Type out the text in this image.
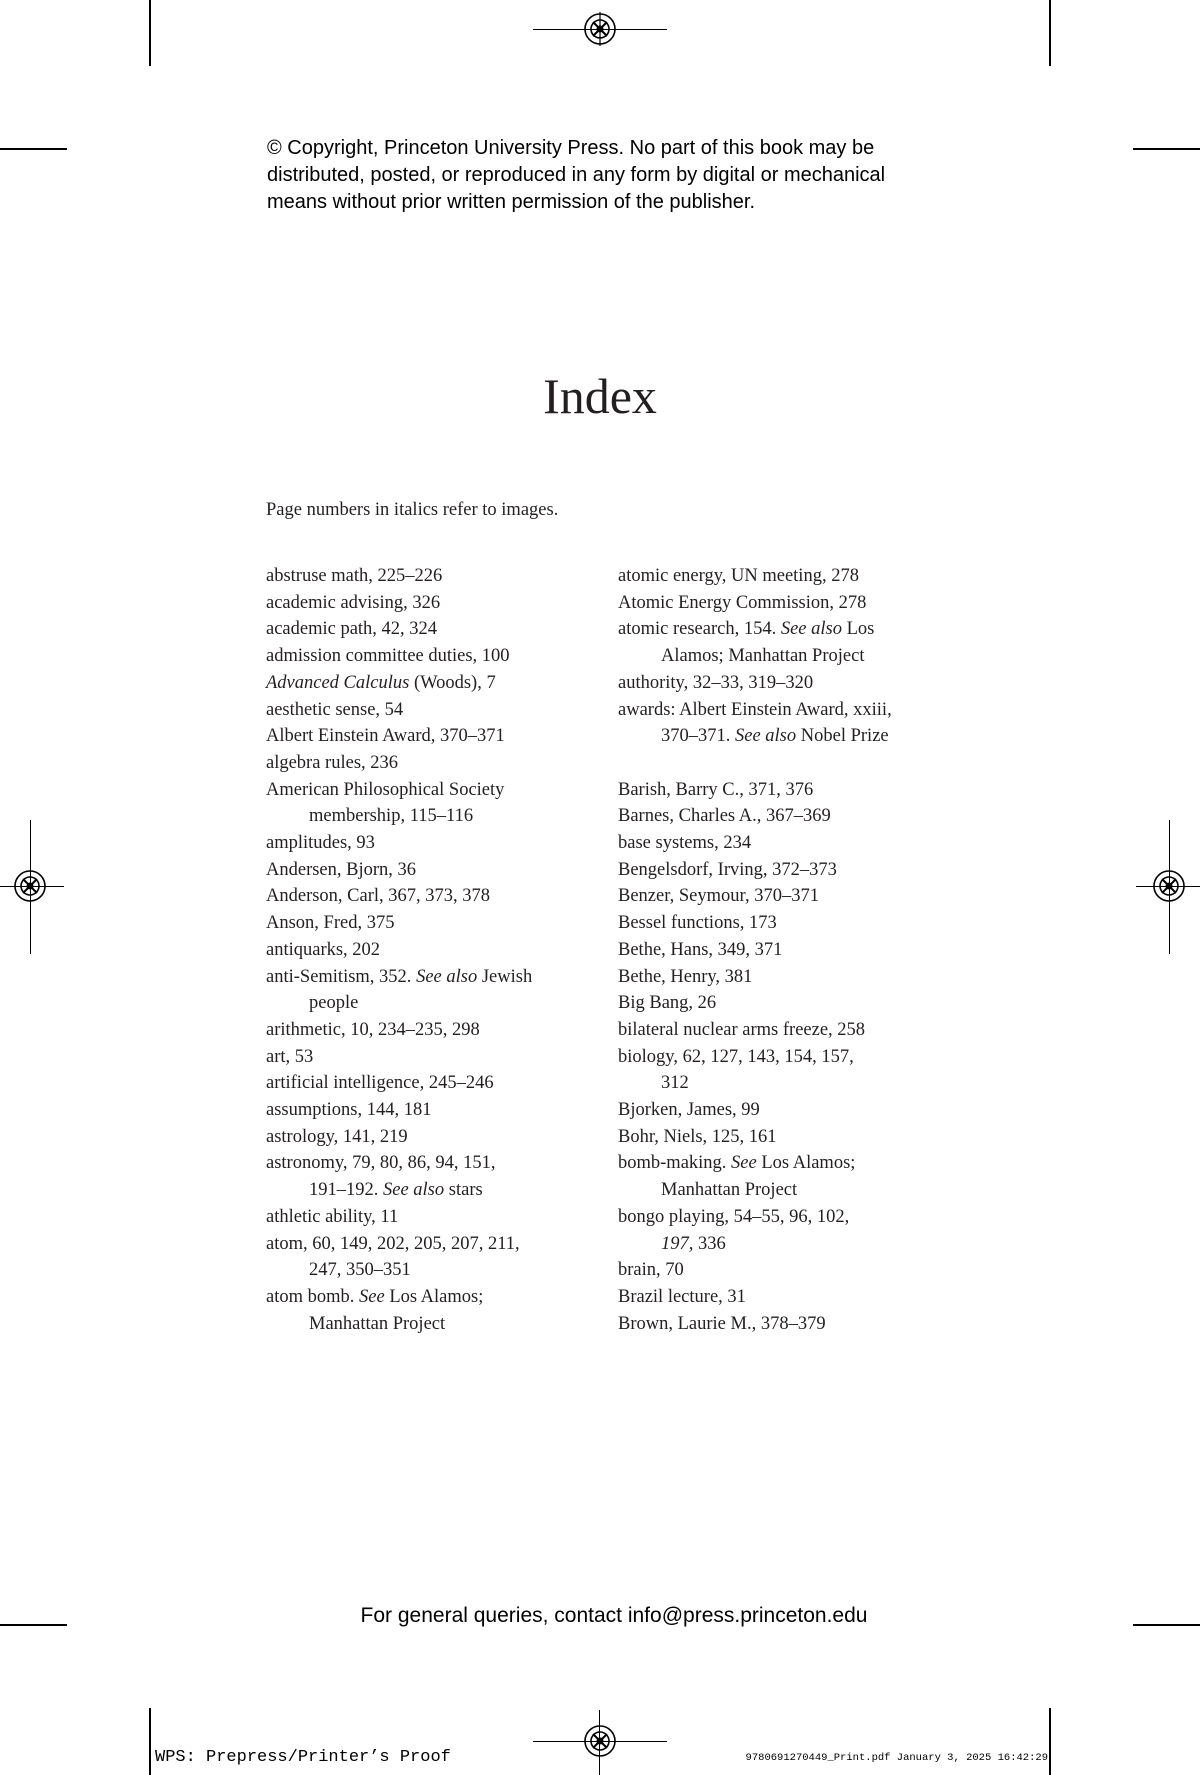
© Copyright, Princeton University Press. No part of this book may be
distributed, posted, or reproduced in any form by digital or mechanical
means without prior written permission of the publisher.
Index
Page numbers in italics refer to images.
abstruse math, 225–226
academic advising, 326
academic path, 42, 324
admission committee duties, 100
Advanced Calculus (Woods), 7
aesthetic sense, 54
Albert Einstein Award, 370–371
algebra rules, 236
American Philosophical Society
membership, 115–116
amplitudes, 93
Andersen, Bjorn, 36
Anderson, Carl, 367, 373, 378
Anson, Fred, 375
antiquarks, 202
anti-Semitism, 352. See also Jewish
people
arithmetic, 10, 234–235, 298
art, 53
artificial intelligence, 245–246
assumptions, 144, 181
astrology, 141, 219
astronomy, 79, 80, 86, 94, 151,
191–192. See also stars
athletic ability, 11
atom, 60, 149, 202, 205, 207, 211,
247, 350–351
atom bomb. See Los Alamos;
Manhattan Project
atomic energy, UN meeting, 278
Atomic Energy Commission, 278
atomic research, 154. See also Los
Alamos; Manhattan Project
authority, 32–33, 319–320
awards: Albert Einstein Award, xxiii,
370–371. See also Nobel Prize
Barish, Barry C., 371, 376
Barnes, Charles A., 367–369
base systems, 234
Bengelsdorf, Irving, 372–373
Benzer, Seymour, 370–371
Bessel functions, 173
Bethe, Hans, 349, 371
Bethe, Henry, 381
Big Bang, 26
bilateral nuclear arms freeze, 258
biology, 62, 127, 143, 154, 157,
312
Bjorken, James, 99
Bohr, Niels, 125, 161
bomb-making. See Los Alamos;
Manhattan Project
bongo playing, 54–55, 96, 102,
197, 336
brain, 70
Brazil lecture, 31
Brown, Laurie M., 378–379
For general queries, contact info@press.princeton.edu
WPS: Prepress/Printer’s Proof	9780691270449_Print.pdf January 3, 2025 16:42:29
